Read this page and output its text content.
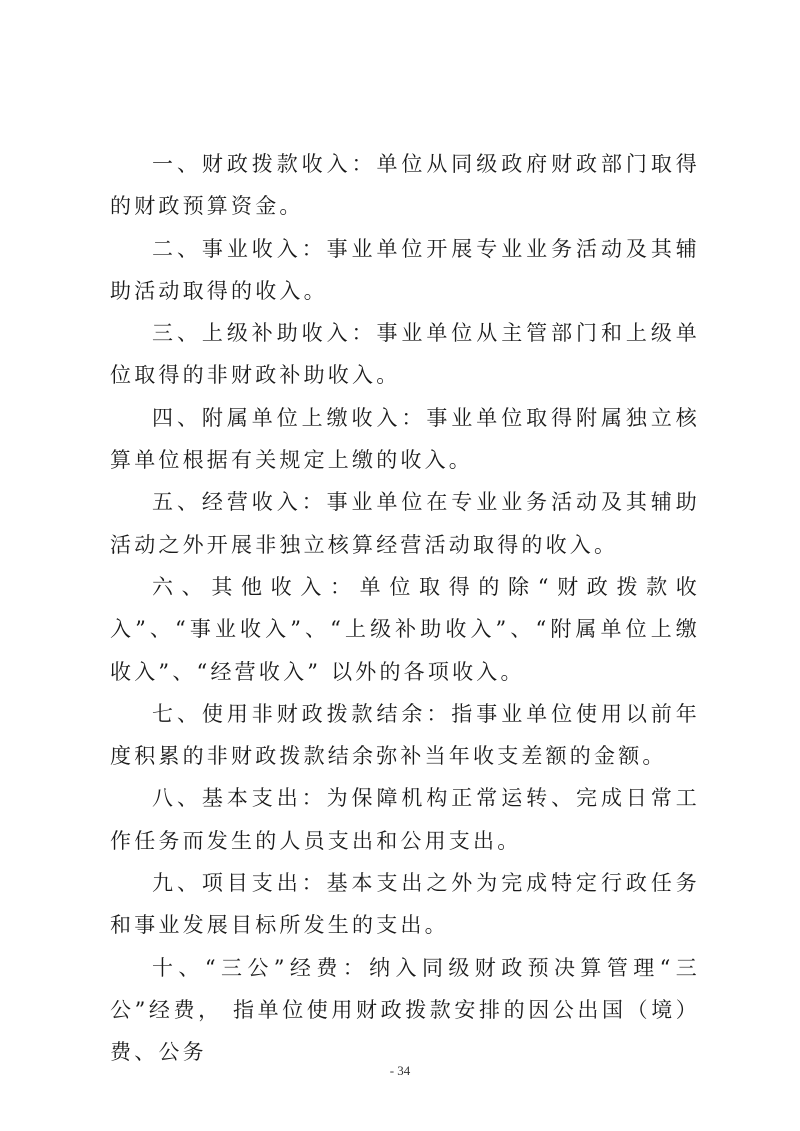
一、财政拨款收入：单位从同级政府财政部门取得的财政预算资金。

二、事业收入：事业单位开展专业业务活动及其辅助活动取得的收入。

三、上级补助收入：事业单位从主管部门和上级单位取得的非财政补助收入。

四、附属单位上缴收入：事业单位取得附属独立核算单位根据有关规定上缴的收入。

五、经营收入：事业单位在专业业务活动及其辅助活动之外开展非独立核算经营活动取得的收入。

六、其他收入：单位取得的除“财政拨款收入”、“事业收入”、“上级补助收入”、“附属单位上缴收入”、“经营收入” 以外的各项收入。

七、使用非财政拨款结余：指事业单位使用以前年度积累的非财政拨款结余弥补当年收支差额的金额。

八、基本支出：为保障机构正常运转、完成日常工作任务而发生的人员支出和公用支出。

九、项目支出：基本支出之外为完成特定行政任务和事业发展目标所发生的支出。

十、“三公”经费：纳入同级财政预决算管理“三公”经费， 指单位使用财政拨款安排的因公出国（境）费、公务

- 34
